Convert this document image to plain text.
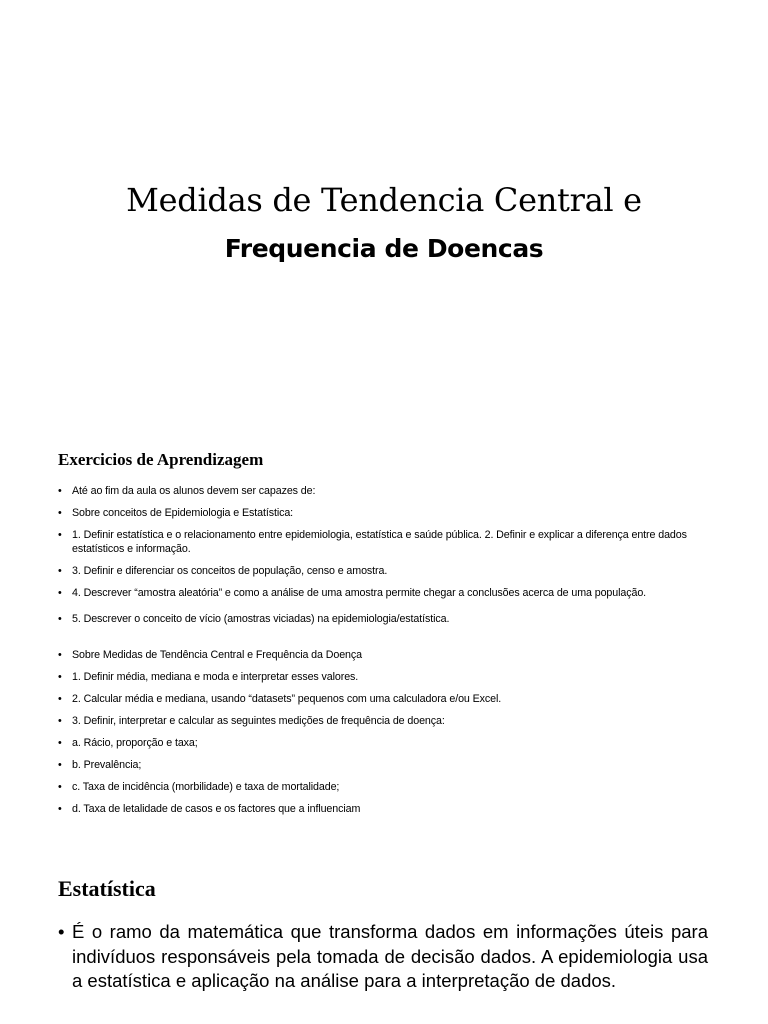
Medidas de Tendencia Central e
Frequencia de Doencas
Exercicios de Aprendizagem
• Até ao fim da aula os alunos devem ser capazes de:
• Sobre conceitos de Epidemiologia e Estatística:
• 1. Definir estatística e o relacionamento entre epidemiologia, estatística e saúde pública. 2. Definir e explicar a diferença entre dados estatísticos e informação.
• 3. Definir e diferenciar os conceitos de população, censo e amostra.
• 4. Descrever “amostra aleatória” e como a análise de uma amostra permite chegar a conclusões acerca de uma população.
• 5. Descrever o conceito de vício (amostras viciadas) na epidemiologia/estatística.
• Sobre Medidas de Tendência Central e Frequência da Doença
• 1. Definir média, mediana e moda e interpretar esses valores.
• 2. Calcular média e mediana, usando “datasets” pequenos com uma calculadora e/ou Excel.
• 3. Definir, interpretar e calcular as seguintes medições de frequência de doença:
• a. Rácio, proporção e taxa;
• b. Prevalência;
• c. Taxa de incidência (morbilidade) e taxa de mortalidade;
• d. Taxa de letalidade de casos e os factores que a influenciam
Estatística
• É o ramo da matemática que transforma dados em informações úteis para indivíduos responsáveis pela tomada de decisão dados. A epidemiologia usa a estatística e aplicação na análise para a interpretação de dados.
